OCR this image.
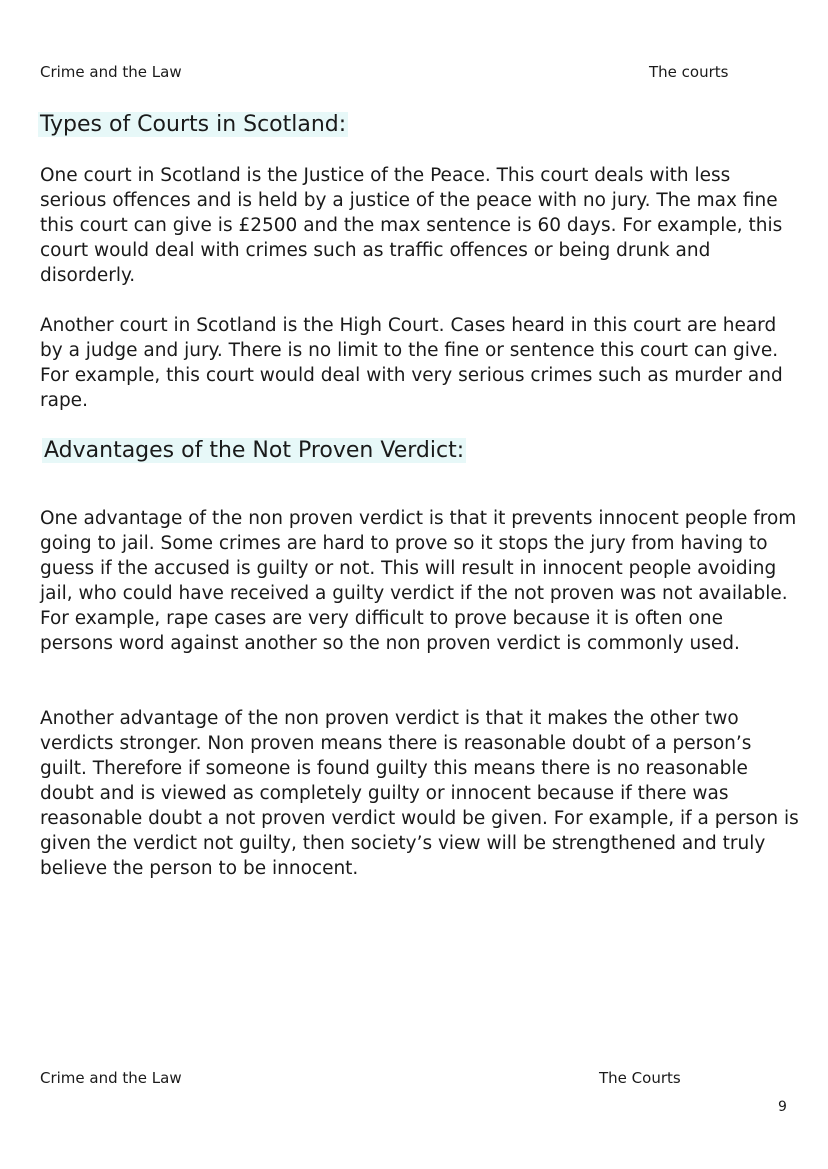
Crime and the Law	The courts
Types of Courts in Scotland:

One court in Scotland is the Justice of the Peace. This court deals with less serious offences and is held by a justice of the peace with no jury. The max fine this court can give is £2500 and the max sentence is 60 days. For example, this court would deal with crimes such as traffic offences or being drunk and disorderly.

Another court in Scotland is the High Court. Cases heard in this court are heard by a judge and jury. There is no limit to the fine or sentence this court can give. For example, this court would deal with very serious crimes such as murder and rape.

Advantages of the Not Proven Verdict:

One advantage of the non proven verdict is that it prevents innocent people from going to jail. Some crimes are hard to prove so it stops the jury from having to guess if the accused is guilty or not. This will result in innocent people avoiding jail, who could have received a guilty verdict if the not proven was not available. For example, rape cases are very difficult to prove because it is often one persons word against another so the non proven verdict is commonly used.

Another advantage of the non proven verdict is that it makes the other two verdicts stronger. Non proven means there is reasonable doubt of a person’s guilt. Therefore if someone is found guilty this means there is no reasonable doubt and is viewed as completely guilty or innocent because if there was reasonable doubt a not proven verdict would be given. For example, if a person is given the verdict not guilty, then society’s view will be strengthened and truly believe the person to be innocent.

Crime and the Law	The Courts
9
